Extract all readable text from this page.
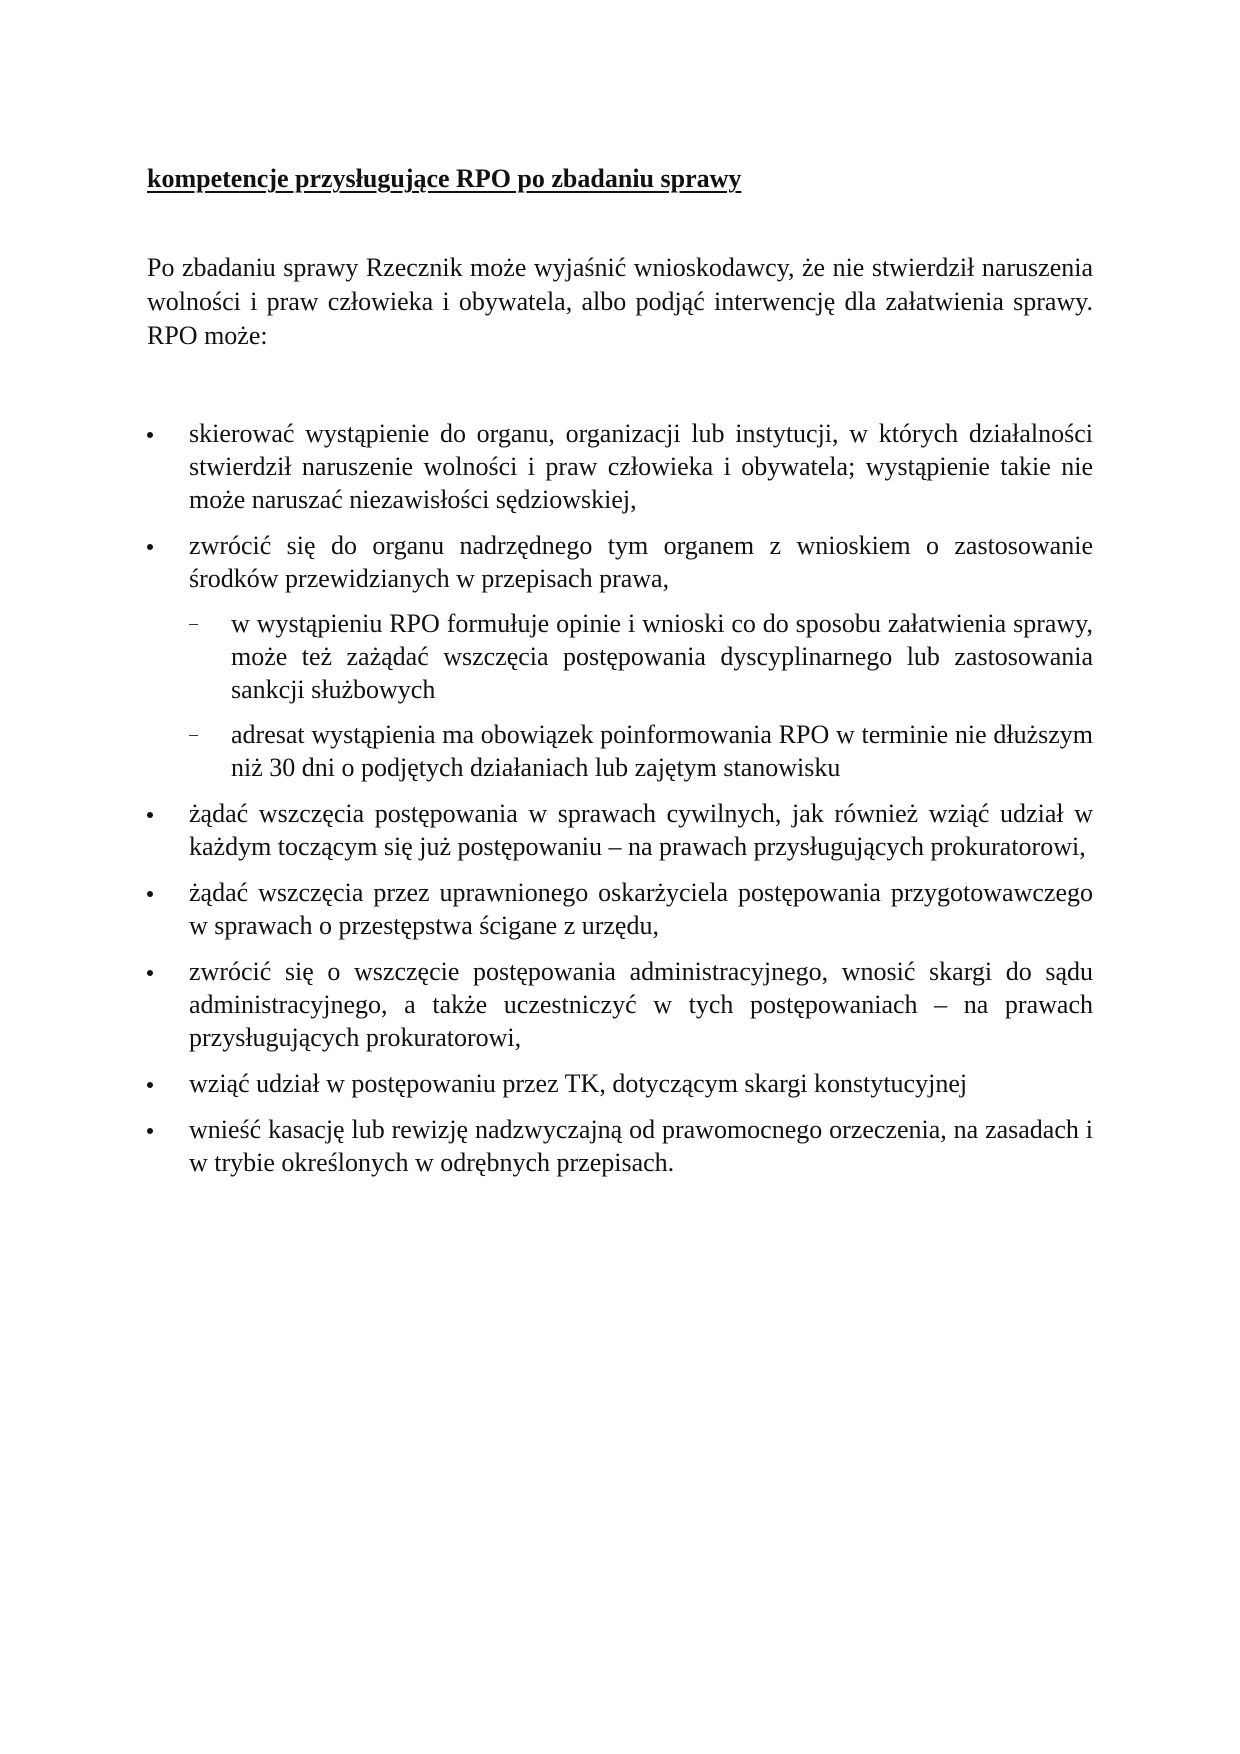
kompetencje przysługujące RPO po zbadaniu sprawy

Po zbadaniu sprawy Rzecznik może wyjaśnić wnioskodawcy, że nie stwierdził naruszenia wolności i praw człowieka i obywatela, albo podjąć interwencję dla załatwienia sprawy. RPO może:

skierować wystąpienie do organu, organizacji lub instytucji, w których działalności stwierdził naruszenie wolności i praw człowieka i obywatela; wystąpienie takie nie może naruszać niezawisłości sędziowskiej,
zwrócić się do organu nadrzędnego tym organem z wnioskiem o zastosowanie środków przewidzianych w przepisach prawa,
w wystąpieniu RPO formułuje opinie i wnioski co do sposobu załatwienia sprawy, może też zażądać wszczęcia postępowania dyscyplinarnego lub zastosowania sankcji służbowych
adresat wystąpienia ma obowiązek poinformowania RPO w terminie nie dłuższym niż 30 dni o podjętych działaniach lub zajętym stanowisku
żądać wszczęcia postępowania w sprawach cywilnych, jak również wziąć udział w każdym toczącym się już postępowaniu – na prawach przysługujących prokuratorowi,
żądać wszczęcia przez uprawnionego oskarżyciela postępowania przygotowawczego w sprawach o przestępstwa ścigane z urzędu,
zwrócić się o wszczęcie postępowania administracyjnego, wnosić skargi do sądu administracyjnego, a także uczestniczyć w tych postępowaniach – na prawach przysługujących prokuratorowi,
wziąć udział w postępowaniu przez TK, dotyczącym skargi konstytucyjnej
wnieść kasację lub rewizję nadzwyczajną od prawomocnego orzeczenia, na zasadach i w trybie określonych w odrębnych przepisach.
